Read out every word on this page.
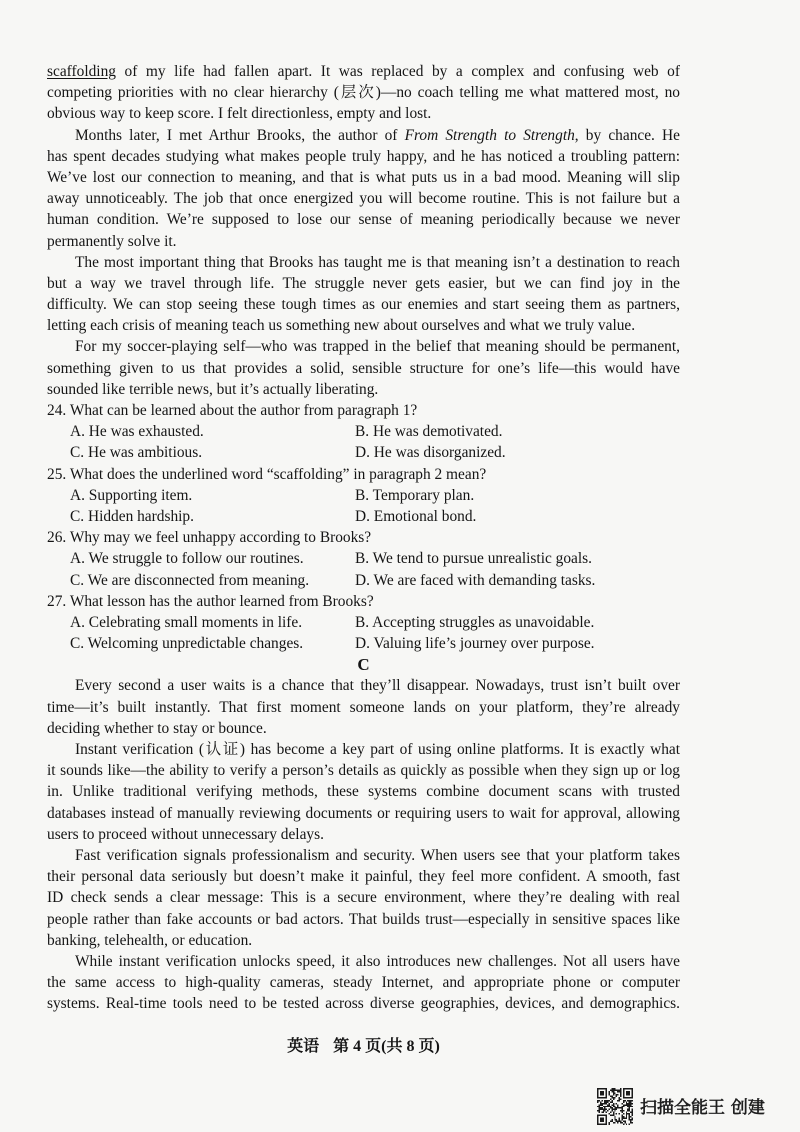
scaffolding of my life had fallen apart. It was replaced by a complex and confusing web of
competing priorities with no clear hierarchy (层次)—no coach telling me what mattered most, no
obvious way to keep score. I felt directionless, empty and lost.
Months later, I met Arthur Brooks, the author of From Strength to Strength, by chance. He
has spent decades studying what makes people truly happy, and he has noticed a troubling pattern:
We’ve lost our connection to meaning, and that is what puts us in a bad mood. Meaning will slip
away unnoticeably. The job that once energized you will become routine. This is not failure but a
human condition. We’re supposed to lose our sense of meaning periodically because we never
permanently solve it.
The most important thing that Brooks has taught me is that meaning isn’t a destination to reach
but a way we travel through life. The struggle never gets easier, but we can find joy in the
difficulty. We can stop seeing these tough times as our enemies and start seeing them as partners,
letting each crisis of meaning teach us something new about ourselves and what we truly value.
For my soccer-playing self—who was trapped in the belief that meaning should be permanent,
something given to us that provides a solid, sensible structure for one’s life—this would have
sounded like terrible news, but it’s actually liberating.
24. What can be learned about the author from paragraph 1?
A. He was exhausted.	B. He was demotivated.
C. He was ambitious.	D. He was disorganized.
25. What does the underlined word “scaffolding” in paragraph 2 mean?
A. Supporting item.	B. Temporary plan.
C. Hidden hardship.	D. Emotional bond.
26. Why may we feel unhappy according to Brooks?
A. We struggle to follow our routines.	B. We tend to pursue unrealistic goals.
C. We are disconnected from meaning.	D. We are faced with demanding tasks.
27. What lesson has the author learned from Brooks?
A. Celebrating small moments in life.	B. Accepting struggles as unavoidable.
C. Welcoming unpredictable changes.	D. Valuing life’s journey over purpose.
C
Every second a user waits is a chance that they’ll disappear. Nowadays, trust isn’t built over
time—it’s built instantly. That first moment someone lands on your platform, they’re already
deciding whether to stay or bounce.
Instant verification (认证) has become a key part of using online platforms. It is exactly what
it sounds like—the ability to verify a person’s details as quickly as possible when they sign up or log
in. Unlike traditional verifying methods, these systems combine document scans with trusted
databases instead of manually reviewing documents or requiring users to wait for approval, allowing
users to proceed without unnecessary delays.
Fast verification signals professionalism and security. When users see that your platform takes
their personal data seriously but doesn’t make it painful, they feel more confident. A smooth, fast
ID check sends a clear message: This is a secure environment, where they’re dealing with real
people rather than fake accounts or bad actors. That builds trust—especially in sensitive spaces like
banking, telehealth, or education.
While instant verification unlocks speed, it also introduces new challenges. Not all users have
the same access to high-quality cameras, steady Internet, and appropriate phone or computer
systems. Real-time tools need to be tested across diverse geographies, devices, and demographics.
英语 第 4 页(共 8 页)
扫描全能王 创建
